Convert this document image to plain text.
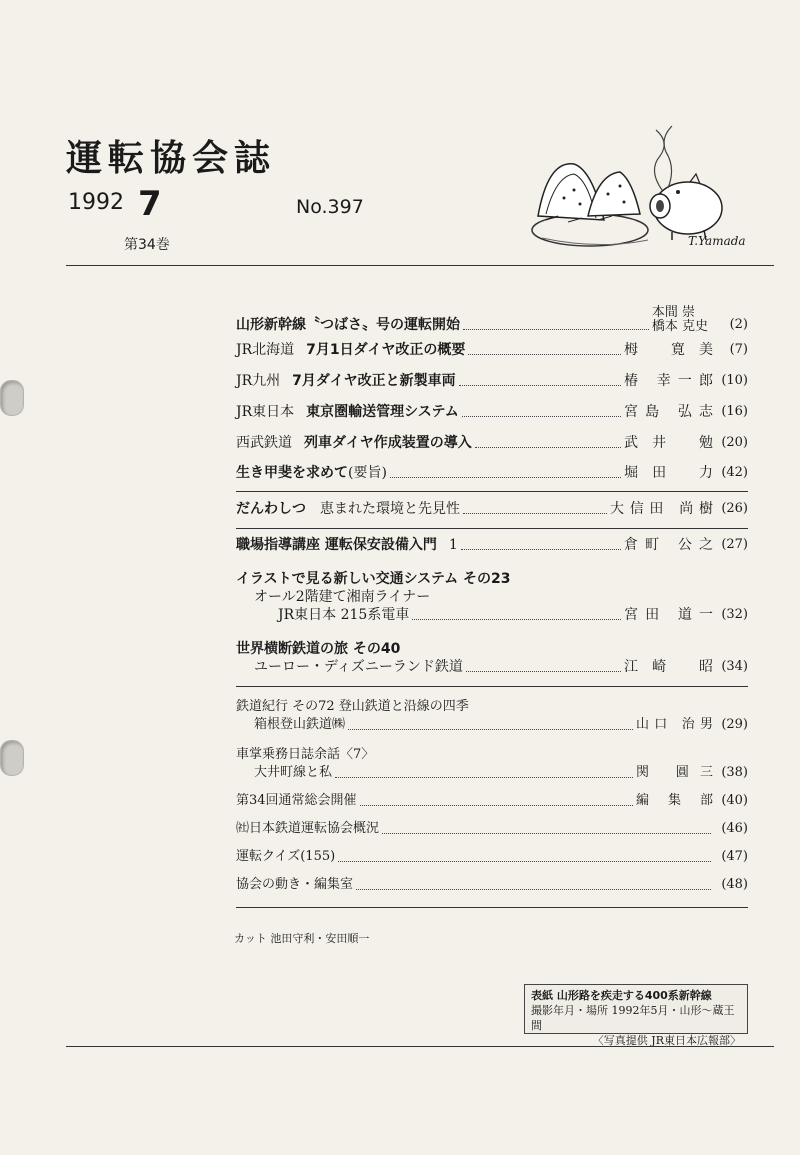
運転協会誌
1992 7	No.397
第34巻	T.Yamada
山形新幹線〝つばさ〟号の運転開始
本間 崇
橋本 克史	(2)
JR北海道 7月1日ダイヤ改正の概要	栂 寛美	(7)
JR九州 7月ダイヤ改正と新製車両	椿 幸一郎 (10)
JR東日本 東京圏輸送管理システム	宮島 弘志 (16)
西武鉄道 列車ダイヤ作成装置の導入	武井 勉 (20)
生き甲斐を求めて (要旨)	堀田 力 (42)
だんわしつ 恵まれた環境と先見性	大信田 尚樹 (26)
職場指導講座 運転保安設備入門 1	倉町 公之 (27)
イラストで見る新しい交通システム その23
オール2階建て湘南ライナー
JR東日本 215系電車	宮田 道一 (32)
世界横断鉄道の旅 その40
ユーロー・ディズニーランド鉄道	江崎 昭 (34)
鉄道紀行 その72 登山鉄道と沿線の四季
箱根登山鉄道㈱	山口 治男 (29)
車掌乗務日誌余話〈7〉
大井町線と私	関 圓三 (38)
第34回通常総会開催	編 集 部 (40)
㈳日本鉄道運転協会概況	(46)
運転クイズ(155)	(47)
協会の動き・編集室	(48)
カット 池田守利・安田順一
表紙 山形路を疾走する400系新幹線
撮影年月・場所 1992年5月・山形〜蔵王間
〈写真提供 JR東日本広報部〉
